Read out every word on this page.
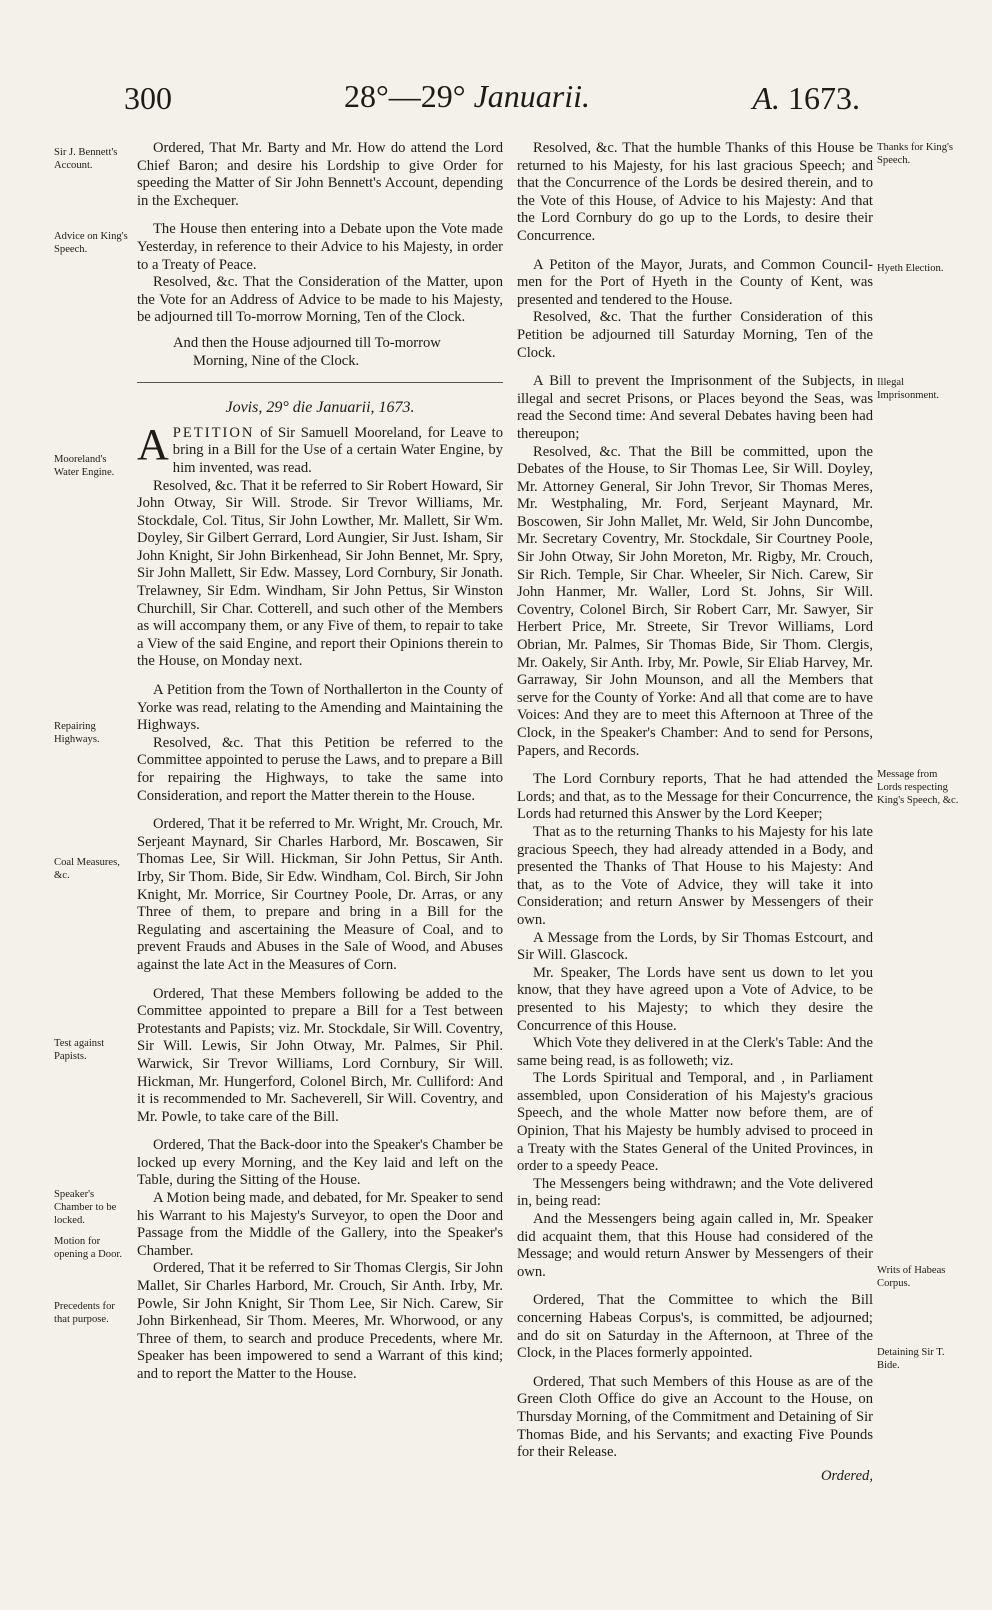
300	28°—29° Januarii.	A. 1673.
Sir J. Bennett's Account.
Advice on King's Speech.
Mooreland's Water Engine.
Repairing Highways.
Coal Measures, &c.
Test against Papists.
Speaker's Chamber to be locked.
Motion for opening a Door.
Precedents for that purpose.
Thanks for King's Speech.
Hyeth Election.
Illegal Imprisonment.
Message from Lords respecting King's Speech, &c.
Writs of Habeas Corpus.
Detaining Sir T. Bide.

Ordered, That Mr. Barty and Mr. How do attend the Lord Chief Baron; and desire his Lordship to give Order for speeding the Matter of Sir John Bennett's Account, depending in the Exchequer.

The House then entering into a Debate upon the Vote made Yesterday, in reference to their Advice to his Majesty, in order to a Treaty of Peace.

Resolved, &c. That the Consideration of the Matter, upon the Vote for an Address of Advice to be made to his Majesty, be adjourned till To-morrow Morning, Ten of the Clock.

And then the House adjourned till To-morrow
Morning, Nine of the Clock.

Jovis, 29° die Januarii, 1673.

APETITION of Sir Samuell Mooreland, for Leave to bring in a Bill for the Use of a certain Water Engine, by him invented, was read.

Resolved, &c. That it be referred to Sir Robert Howard, Sir John Otway, Sir Will. Strode. Sir Trevor Williams, Mr. Stockdale, Col. Titus, Sir John Lowther, Mr. Mallett, Sir Wm. Doyley, Sir Gilbert Gerrard, Lord Aungier, Sir Just. Isham, Sir John Knight, Sir John Birkenhead, Sir John Bennet, Mr. Spry, Sir John Mallett, Sir Edw. Massey, Lord Cornbury, Sir Jonath. Trelawney, Sir Edm. Windham, Sir John Pettus, Sir Winston Churchill, Sir Char. Cotterell, and such other of the Members as will accompany them, or any Five of them, to repair to take a View of the said Engine, and report their Opinions therein to the House, on Monday next.

A Petition from the Town of Northallerton in the County of Yorke was read, relating to the Amending and Maintaining the Highways.

Resolved, &c. That this Petition be referred to the Committee appointed to peruse the Laws, and to prepare a Bill for repairing the Highways, to take the same into Consideration, and report the Matter therein to the House.

Ordered, That it be referred to Mr. Wright, Mr. Crouch, Mr. Serjeant Maynard, Sir Charles Harbord, Mr. Boscawen, Sir Thomas Lee, Sir Will. Hickman, Sir John Pettus, Sir Anth. Irby, Sir Thom. Bide, Sir Edw. Windham, Col. Birch, Sir John Knight, Mr. Morrice, Sir Courtney Poole, Dr. Arras, or any Three of them, to prepare and bring in a Bill for the Regulating and ascertaining the Measure of Coal, and to prevent Frauds and Abuses in the Sale of Wood, and Abuses against the late Act in the Measures of Corn.

Ordered, That these Members following be added to the Committee appointed to prepare a Bill for a Test between Protestants and Papists; viz. Mr. Stockdale, Sir Will. Coventry, Sir Will. Lewis, Sir John Otway, Mr. Palmes, Sir Phil. Warwick, Sir Trevor Williams, Lord Cornbury, Sir Will. Hickman, Mr. Hungerford, Colonel Birch, Mr. Culliford: And it is recommended to Mr. Sacheverell, Sir Will. Coventry, and Mr. Powle, to take care of the Bill.

Ordered, That the Back-door into the Speaker's Chamber be locked up every Morning, and the Key laid and left on the Table, during the Sitting of the House.

A Motion being made, and debated, for Mr. Speaker to send his Warrant to his Majesty's Surveyor, to open the Door and Passage from the Middle of the Gallery, into the Speaker's Chamber.

Ordered, That it be referred to Sir Thomas Clergis, Sir John Mallet, Sir Charles Harbord, Mr. Crouch, Sir Anth. Irby, Mr. Powle, Sir John Knight, Sir Thom Lee, Sir Nich. Carew, Sir John Birkenhead, Sir Thom. Meeres, Mr. Whorwood, or any Three of them, to search and produce Precedents, where Mr. Speaker has been impowered to send a Warrant of this kind; and to report the Matter to the House.

Resolved, &c. That the humble Thanks of this House be returned to his Majesty, for his last gracious Speech; and that the Concurrence of the Lords be desired therein, and to the Vote of this House, of Advice to his Majesty: And that the Lord Cornbury do go up to the Lords, to desire their Concurrence.

A Petiton of the Mayor, Jurats, and Common Council-men for the Port of Hyeth in the County of Kent, was presented and tendered to the House.

Resolved, &c. That the further Consideration of this Petition be adjourned till Saturday Morning, Ten of the Clock.

A Bill to prevent the Imprisonment of the Subjects, in illegal and secret Prisons, or Places beyond the Seas, was read the Second time: And several Debates having been had thereupon;

Resolved, &c. That the Bill be committed, upon the Debates of the House, to Sir Thomas Lee, Sir Will. Doyley, Mr. Attorney General, Sir John Trevor, Sir Thomas Meres, Mr. Westphaling, Mr. Ford, Serjeant Maynard, Mr. Boscowen, Sir John Mallet, Mr. Weld, Sir John Duncombe, Mr. Secretary Coventry, Mr. Stockdale, Sir Courtney Poole, Sir John Otway, Sir John Moreton, Mr. Rigby, Mr. Crouch, Sir Rich. Temple, Sir Char. Wheeler, Sir Nich. Carew, Sir John Hanmer, Mr. Waller, Lord St. Johns, Sir Will. Coventry, Colonel Birch, Sir Robert Carr, Mr. Sawyer, Sir Herbert Price, Mr. Streete, Sir Trevor Williams, Lord Obrian, Mr. Palmes, Sir Thomas Bide, Sir Thom. Clergis, Mr. Oakely, Sir Anth. Irby, Mr. Powle, Sir Eliab Harvey, Mr. Garraway, Sir John Mounson, and all the Members that serve for the County of Yorke: And all that come are to have Voices: And they are to meet this Afternoon at Three of the Clock, in the Speaker's Chamber: And to send for Persons, Papers, and Records.

The Lord Cornbury reports, That he had attended the Lords; and that, as to the Message for their Concurrence, the Lords had returned this Answer by the Lord Keeper;

That as to the returning Thanks to his Majesty for his late gracious Speech, they had already attended in a Body, and presented the Thanks of That House to his Majesty: And that, as to the Vote of Advice, they will take it into Consideration; and return Answer by Messengers of their own.

A Message from the Lords, by Sir Thomas Estcourt, and Sir Will. Glascock.

Mr. Speaker, The Lords have sent us down to let you know, that they have agreed upon a Vote of Advice, to be presented to his Majesty; to which they desire the Concurrence of this House.

Which Vote they delivered in at the Clerk's Table: And the same being read, is as followeth; viz.

The Lords Spiritual and Temporal, and , in Parliament assembled, upon Consideration of his Majesty's gracious Speech, and the whole Matter now before them, are of Opinion, That his Majesty be humbly advised to proceed in a Treaty with the States General of the United Provinces, in order to a speedy Peace.

The Messengers being withdrawn; and the Vote delivered in, being read:

And the Messengers being again called in, Mr. Speaker did acquaint them, that this House had considered of the Message; and would return Answer by Messengers of their own.

Ordered, That the Committee to which the Bill concerning Habeas Corpus's, is committed, be adjourned; and do sit on Saturday in the Afternoon, at Three of the Clock, in the Places formerly appointed.

Ordered, That such Members of this House as are of the Green Cloth Office do give an Account to the House, on Thursday Morning, of the Commitment and Detaining of Sir Thomas Bide, and his Servants; and exacting Five Pounds for their Release.

Ordered,
